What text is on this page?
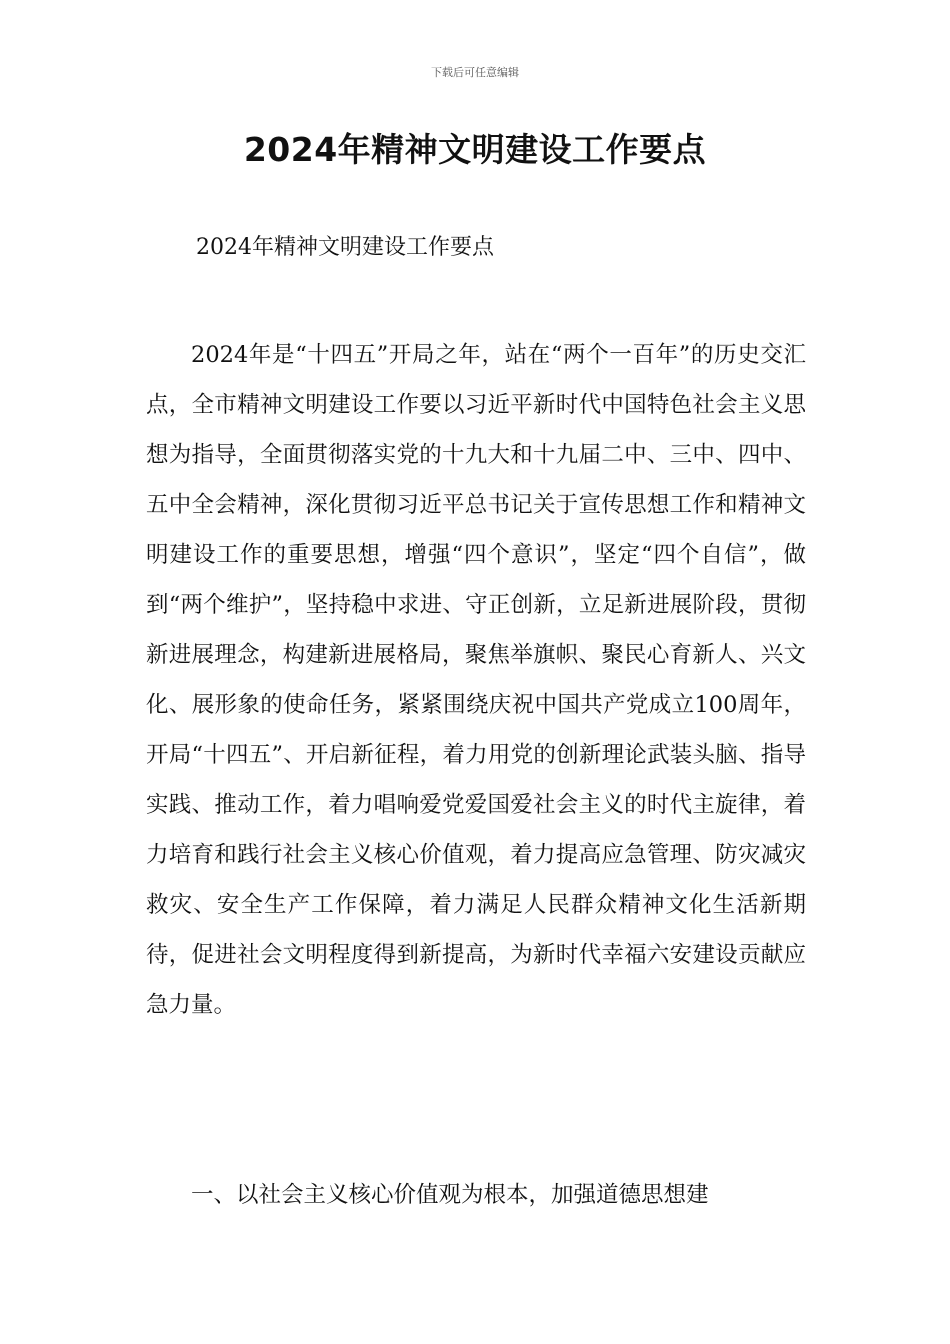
下载后可任意编辑
2024年精神文明建设工作要点

2024年精神文明建设工作要点

2024年是“十四五”开局之年，站在“两个一百年”的历史交汇点，全市精神文明建设工作要以习近平新时代中国特色社会主义思想为指导，全面贯彻落实党的十九大和十九届二中、三中、四中、五中全会精神，深化贯彻习近平总书记关于宣传思想工作和精神文明建设工作的重要思想，增强“四个意识”，坚定“四个自信”，做到“两个维护”，坚持稳中求进、守正创新，立足新进展阶段，贯彻新进展理念，构建新进展格局，聚焦举旗帜、聚民心育新人、兴文化、展形象的使命任务，紧紧围绕庆祝中国共产党成立100周年，开局“十四五”、开启新征程，着力用党的创新理论武装头脑、指导实践、推动工作，着力唱响爱党爱国爱社会主义的时代主旋律，着力培育和践行社会主义核心价值观，着力提高应急管理、防灾减灾救灾、安全生产工作保障，着力满足人民群众精神文化生活新期待，促进社会文明程度得到新提高，为新时代幸福六安建设贡献应急力量。

一、以社会主义核心价值观为根本，加强道德思想建
